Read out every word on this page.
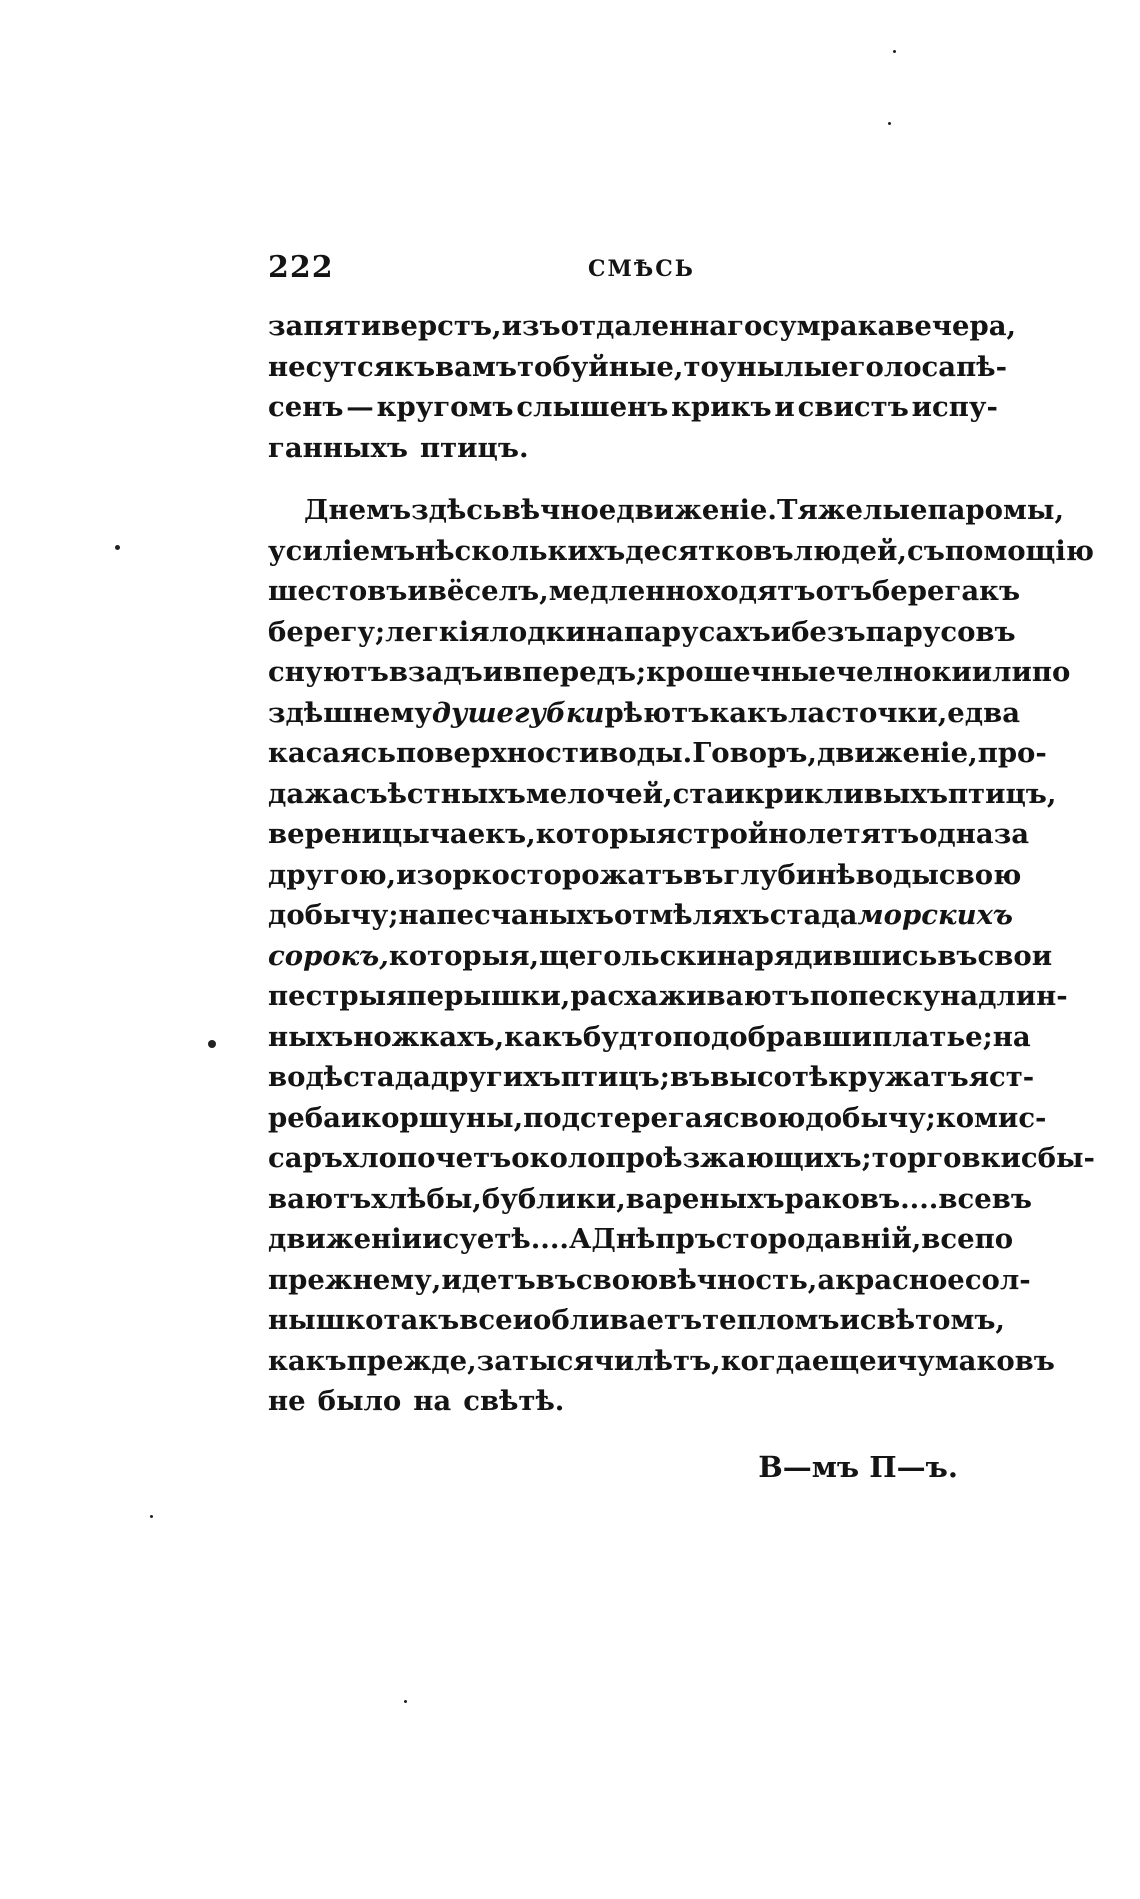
222	СМѢСЬ
за пяти верстъ, изъ отдаленнаго сумрака вечера,
несутся къ вамъ то буйные, то унылые голоса пѣ-
сенъ — кругомъ слышенъ крикъ и свистъ испу-
ганныхъ птицъ.
Днемъ здѣсь вѣчное движеніе. Тяжелые паромы,
усиліемъ нѣсколькихъ десятковъ людей, съ помощію
шестовъ и вёселъ, медленно ходятъ отъ берега къ
берегу; легкія лодки на парусахъ и безъ парусовъ
снуютъ взадъ и впередъ; крошечные челноки или по
здѣшнему душегубки рѣютъ какъ ласточки, едва
касаясь поверхности воды. Говоръ, движеніе, про-
дажа съѣстныхъ мелочей, стаи крикливыхъ птицъ,
вереницы чаекъ, которыя стройно летятъ одна за
другою, и зорко сторожатъ въ глубинѣ воды свою
добычу; на песчаныхъ отмѣляхъ стада морскихъ
сорокъ, которыя, щегольски нарядившись въ свои
пестрыя перышки, расхаживаютъ по песку на длин-
ныхъ ножкахъ, какъ будто подобравши платье; на
водѣ стада другихъ птицъ; въ высотѣ кружатъ яст-
реба и коршуны, подстерегая свою добычу; комис-
саръ хлопочетъ около проѣзжающихъ; торговки сбы-
ваютъ хлѣбы, бублики, вареныхъ раковъ.... все въ
движеніи и суетѣ.... А Днѣпръ стородавній, все по
прежнему, идетъ въ свою вѣчность, а красное сол-
нышко такъ все и обливаетъ тепломъ и свѣтомъ,
какъ прежде, за тысячи лѣтъ, когда еще и чумаковъ
не было на свѣтѣ.
В—мъ П—ъ.
